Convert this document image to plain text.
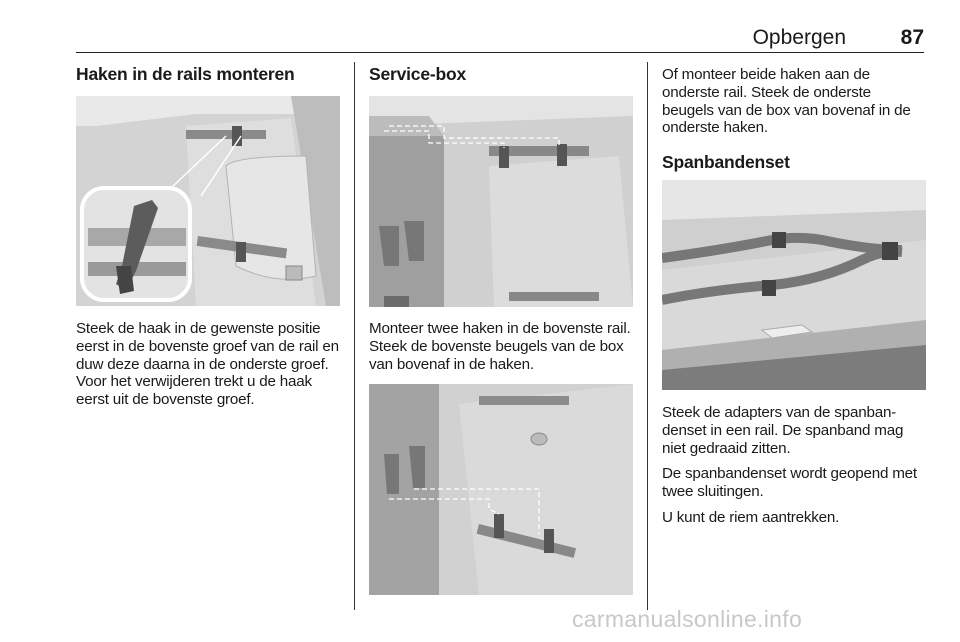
Opbergen	87
Haken in de rails monteren

Steek de haak in de gewenste positie eerst in de bovenste groef van de rail en duw deze daarna in de onderste groef. Voor het verwijderen trekt u de haak eerst uit de bovenste groef.

Service-box

Monteer twee haken in de bovenste rail. Steek de bovenste beugels van de box van bovenaf in de haken.

Of monteer beide haken aan de onderste rail. Steek de onderste beugels van de box van bovenaf in de onderste haken.

Spanbandenset

Steek de adapters van de spanban-denset in een rail. De spanband mag niet gedraaid zitten.

De spanbandenset wordt geopend met twee sluitingen.

U kunt de riem aantrekken.

carmanualsonline.info
